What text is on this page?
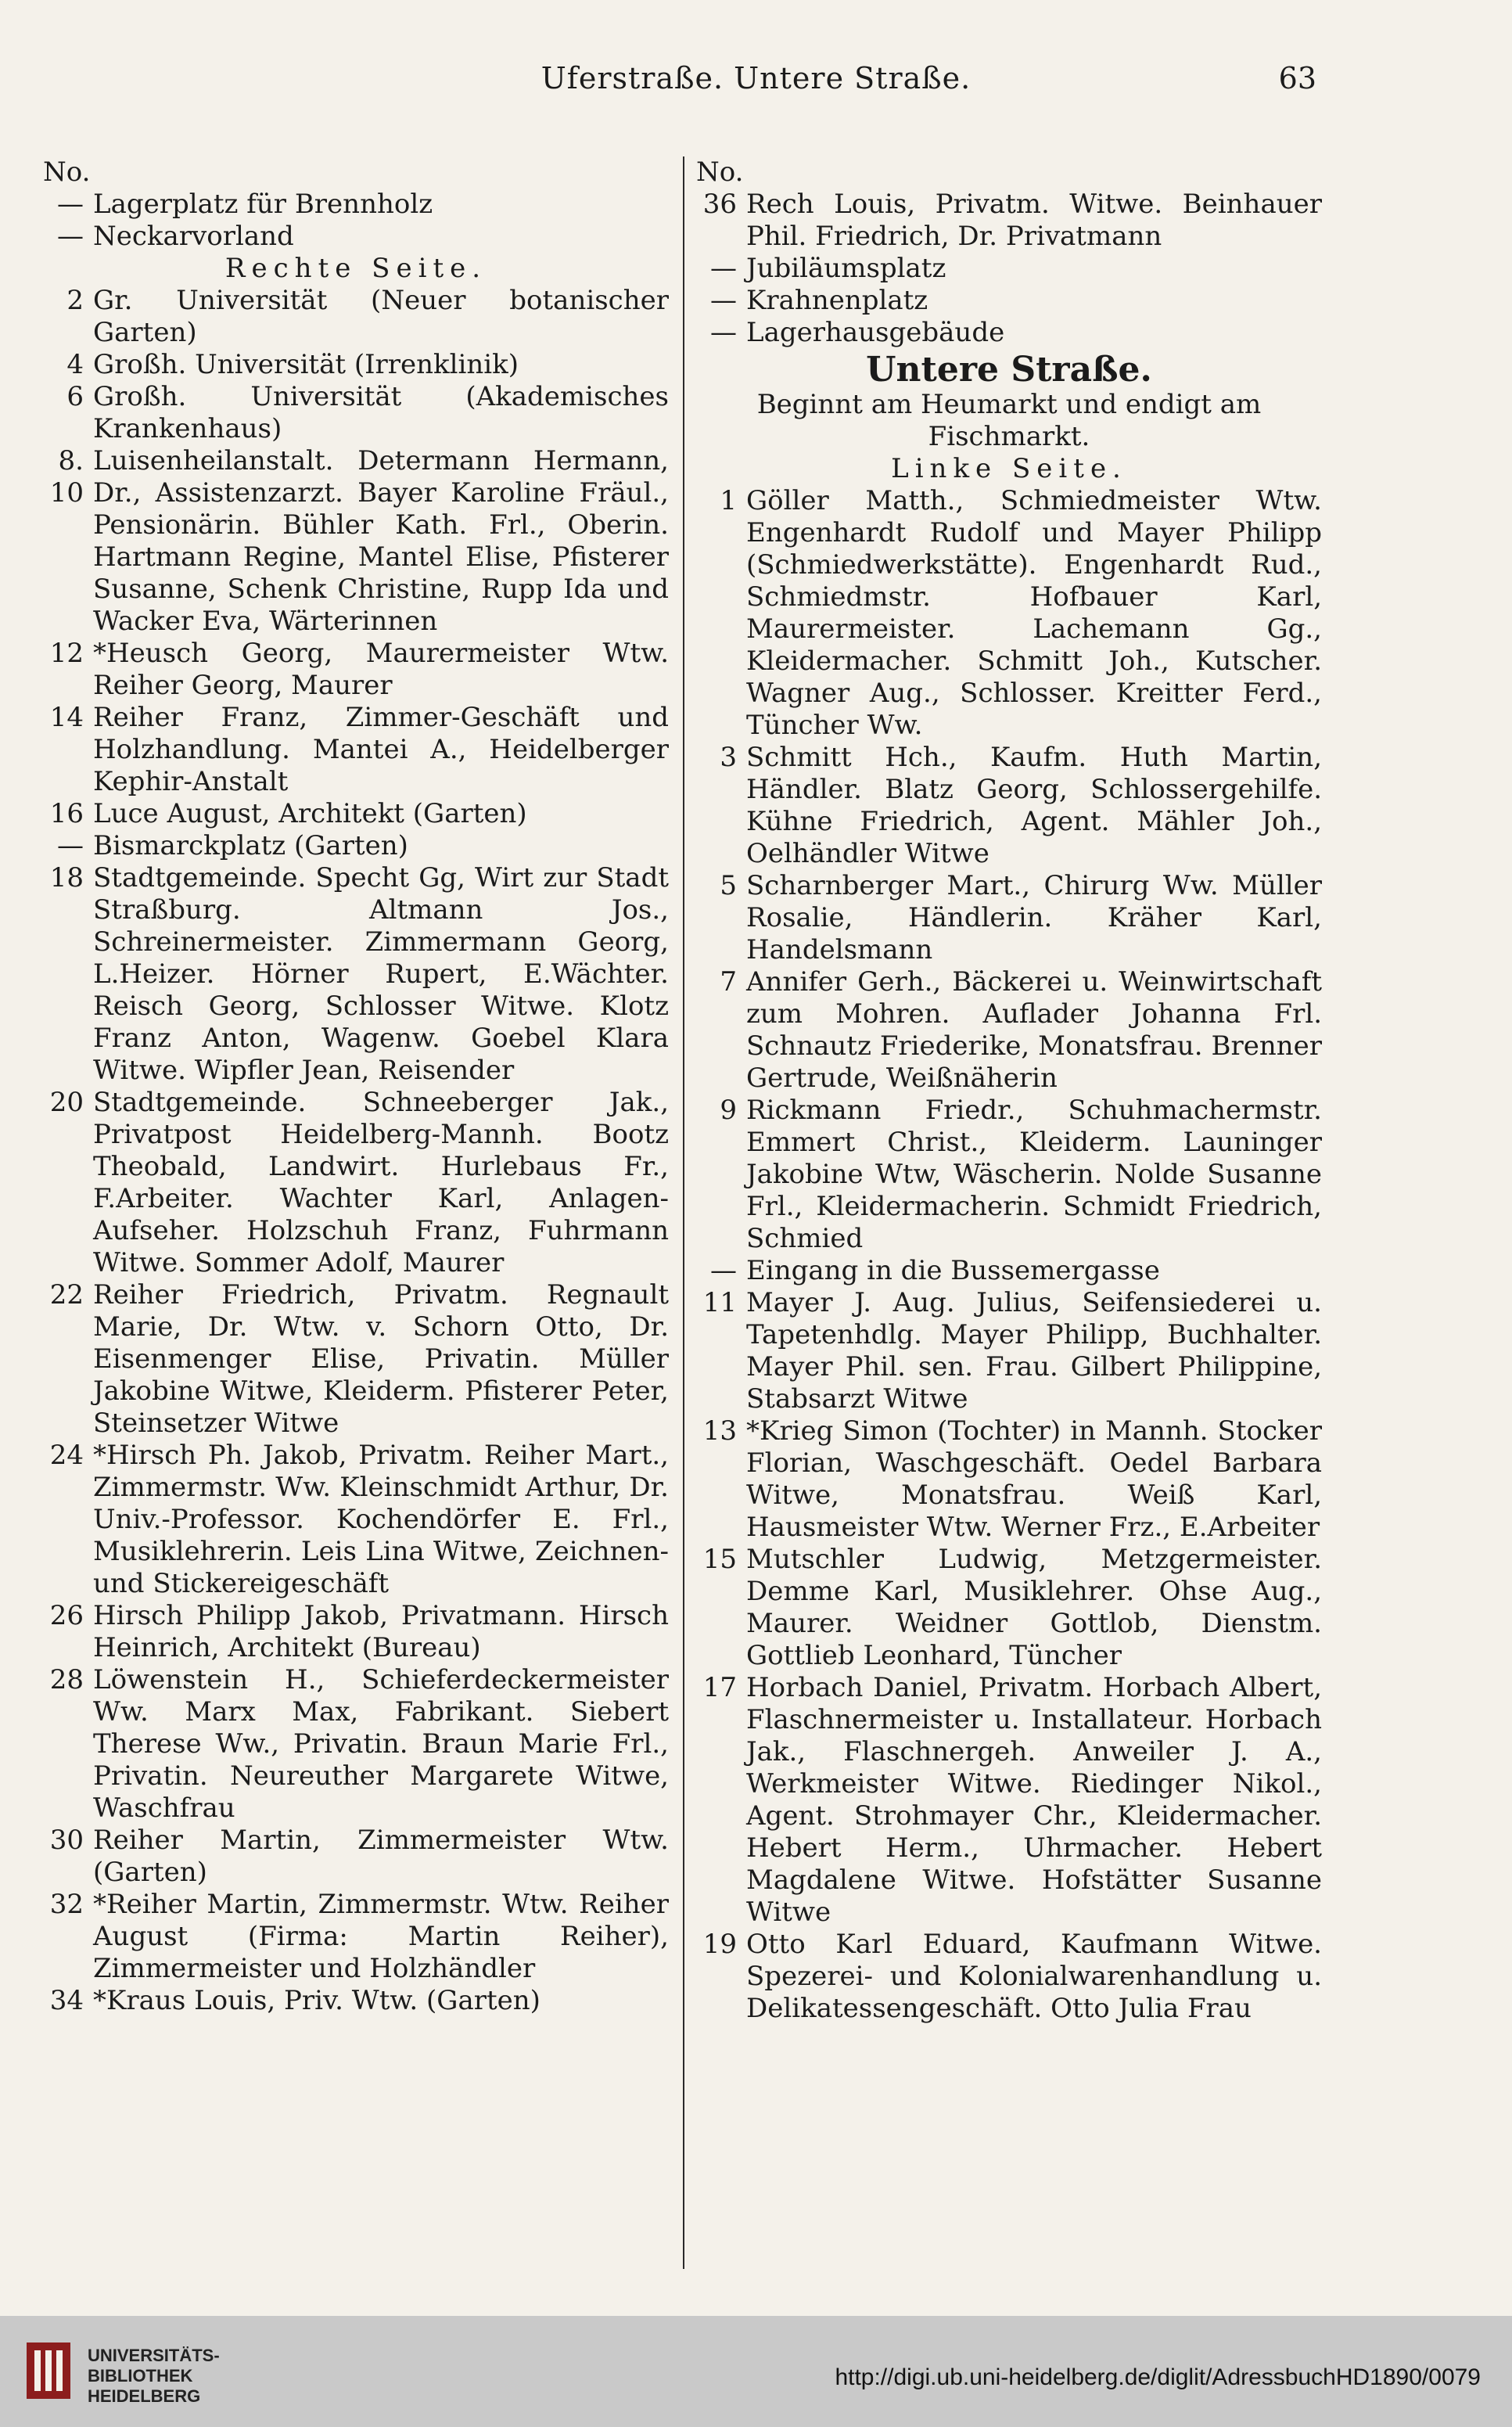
Uferstraße. Untere Straße.	63
No.
— Lagerplatz für Brennholz
— Neckarvorland

Rechte Seite.

2 Gr. Universität (Neuer botanischer Garten)
4 Großh. Universität (Irrenklinik)
6 Großh. Universität (Akademisches Krankenhaus)
8. 10
Luisenheilanstalt. Determann Hermann, Dr., Assistenzarzt. Bayer Karoline Fräul., Pensionärin. Bühler Kath. Frl., Oberin. Hartmann Regine, Mantel Elise, Pfisterer Susanne, Schenk Christine, Rupp Ida und Wacker Eva, Wärterinnen
12 *Heusch Georg, Maurermeister Wtw. Reiher Georg, Maurer
14 Reiher Franz, Zimmer-Geschäft und Holzhandlung. Mantei A., Heidelberger Kephir-Anstalt
16 Luce August, Architekt (Garten)
— Bismarckplatz (Garten)
18 Stadtgemeinde. Specht Gg, Wirt zur Stadt Straßburg. Altmann Jos., Schreinermeister. Zimmermann Georg, L.Heizer. Hörner Rupert, E.Wächter. Reisch Georg, Schlosser Witwe. Klotz Franz Anton, Wagenw. Goebel Klara Witwe. Wipfler Jean, Reisender
20 Stadtgemeinde. Schneeberger Jak., Privatpost Heidelberg-Mannh. Bootz Theobald, Landwirt. Hurlebaus Fr., F.Arbeiter. Wachter Karl, Anlagen-Aufseher. Holzschuh Franz, Fuhrmann Witwe. Sommer Adolf, Maurer
22 Reiher Friedrich, Privatm. Regnault Marie, Dr. Wtw. v. Schorn Otto, Dr. Eisenmenger Elise, Privatin. Müller Jakobine Witwe, Kleiderm. Pfisterer Peter, Steinsetzer Witwe
24 *Hirsch Ph. Jakob, Privatm. Reiher Mart., Zimmermstr. Ww. Kleinschmidt Arthur, Dr. Univ.-Professor. Kochendörfer E. Frl., Musiklehrerin. Leis Lina Witwe, Zeichnen- und Stickereigeschäft
26 Hirsch Philipp Jakob, Privatmann. Hirsch Heinrich, Architekt (Bureau)
28 Löwenstein H., Schieferdeckermeister Ww. Marx Max, Fabrikant. Siebert Therese Ww., Privatin. Braun Marie Frl., Privatin. Neureuther Margarete Witwe, Waschfrau
30 Reiher Martin, Zimmermeister Wtw. (Garten)
32 *Reiher Martin, Zimmermstr. Wtw. Reiher August (Firma: Martin Reiher), Zimmermeister und Holzhändler
34 *Kraus Louis, Priv. Wtw. (Garten)
No.
36 Rech Louis, Privatm. Witwe. Beinhauer Phil. Friedrich, Dr. Privatmann
— Jubiläumsplatz
— Krahnenplatz
— Lagerhausgebäude
Untere Straße.

Beginnt am Heumarkt und endigt am Fischmarkt.

Linke Seite.

1 Göller Matth., Schmiedmeister Wtw. Engenhardt Rudolf und Mayer Philipp (Schmiedwerkstätte). Engenhardt Rud., Schmiedmstr. Hofbauer Karl, Maurermeister. Lachemann Gg., Kleidermacher. Schmitt Joh., Kutscher. Wagner Aug., Schlosser. Kreitter Ferd., Tüncher Ww.
3 Schmitt Hch., Kaufm. Huth Martin, Händler. Blatz Georg, Schlossergehilfe. Kühne Friedrich, Agent. Mähler Joh., Oelhändler Witwe
5 Scharnberger Mart., Chirurg Ww. Müller Rosalie, Händlerin. Kräher Karl, Handelsmann
7 Annifer Gerh., Bäckerei u. Weinwirtschaft zum Mohren. Auflader Johanna Frl. Schnautz Friederike, Monatsfrau. Brenner Gertrude, Weißnäherin
9 Rickmann Friedr., Schuhmachermstr. Emmert Christ., Kleiderm. Launinger Jakobine Wtw, Wäscherin. Nolde Susanne Frl., Kleidermacherin. Schmidt Friedrich, Schmied
— Eingang in die Bussemergasse
11 Mayer J. Aug. Julius, Seifensiederei u. Tapetenhdlg. Mayer Philipp, Buchhalter. Mayer Phil. sen. Frau. Gilbert Philippine, Stabsarzt Witwe
13 *Krieg Simon (Tochter) in Mannh. Stocker Florian, Waschgeschäft. Oedel Barbara Witwe, Monatsfrau. Weiß Karl, Hausmeister Wtw. Werner Frz., E.Arbeiter
15 Mutschler Ludwig, Metzgermeister. Demme Karl, Musiklehrer. Ohse Aug., Maurer. Weidner Gottlob, Dienstm. Gottlieb Leonhard, Tüncher
17 Horbach Daniel, Privatm. Horbach Albert, Flaschnermeister u. Installateur. Horbach Jak., Flaschnergeh. Anweiler J. A., Werkmeister Witwe. Riedinger Nikol., Agent. Strohmayer Chr., Kleidermacher. Hebert Herm., Uhrmacher. Hebert Magdalene Witwe. Hofstätter Susanne Witwe
19 Otto Karl Eduard, Kaufmann Witwe. Spezerei- und Kolonialwarenhandlung u. Delikatessengeschäft. Otto Julia Frau
UNIVERSITÄTS-
BIBLIOTHEK
HEIDELBERG
http://digi.ub.uni-heidelberg.de/diglit/AdressbuchHD1890/0079
